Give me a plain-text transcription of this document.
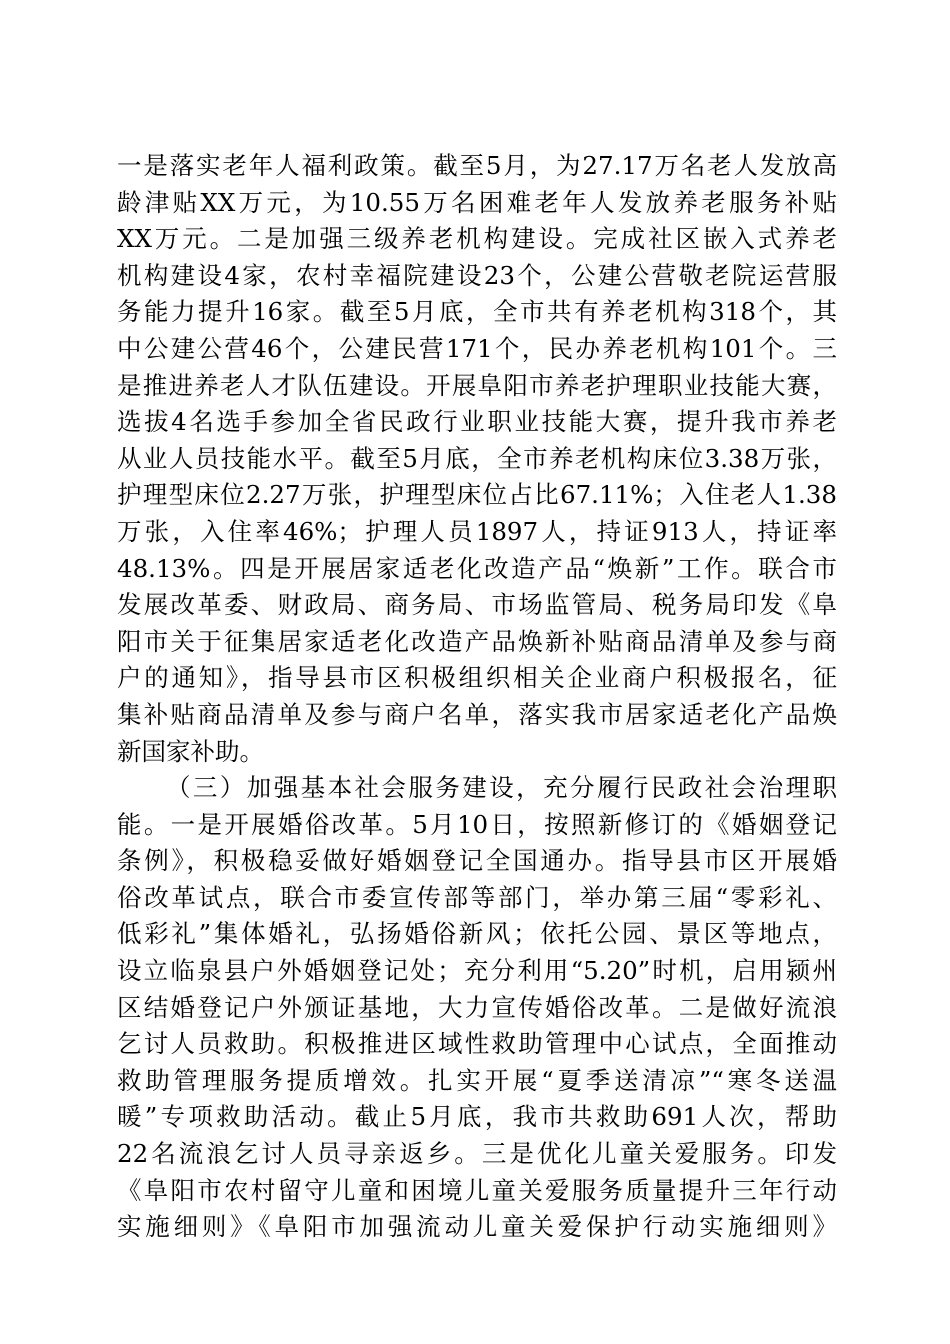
一是落实老年人福利政策。截至5月，为27.17万名老人发放高
龄津贴XX万元，为10.55万名困难老年人发放养老服务补贴
XX万元。二是加强三级养老机构建设。完成社区嵌入式养老
机构建设4家，农村幸福院建设23个，公建公营敬老院运营服
务能力提升16家。截至5月底，全市共有养老机构318个，其
中公建公营46个，公建民营171个，民办养老机构101个。三
是推进养老人才队伍建设。开展阜阳市养老护理职业技能大赛，
选拔4名选手参加全省民政行业职业技能大赛，提升我市养老
从业人员技能水平。截至5月底，全市养老机构床位3.38万张，
护理型床位2.27万张，护理型床位占比67.11%；入住老人1.38
万张，入住率46%；护理人员1897人，持证913人，持证率
48.13%。四是开展居家适老化改造产品“焕新”工作。联合市
发展改革委、财政局、商务局、市场监管局、税务局印发《阜
阳市关于征集居家适老化改造产品焕新补贴商品清单及参与商
户的通知》，指导县市区积极组织相关企业商户积极报名，征
集补贴商品清单及参与商户名单，落实我市居家适老化产品焕
新国家补助。
（三）加强基本社会服务建设，充分履行民政社会治理职
能。一是开展婚俗改革。5月10日，按照新修订的《婚姻登记
条例》，积极稳妥做好婚姻登记全国通办。指导县市区开展婚
俗改革试点，联合市委宣传部等部门，举办第三届“零彩礼、
低彩礼”集体婚礼，弘扬婚俗新风；依托公园、景区等地点，
设立临泉县户外婚姻登记处；充分利用“5.20”时机，启用颍州
区结婚登记户外颁证基地，大力宣传婚俗改革。二是做好流浪
乞讨人员救助。积极推进区域性救助管理中心试点，全面推动
救助管理服务提质增效。扎实开展“夏季送清凉”“寒冬送温
暖”专项救助活动。截止5月底，我市共救助691人次，帮助
22名流浪乞讨人员寻亲返乡。三是优化儿童关爱服务。印发
《阜阳市农村留守儿童和困境儿童关爱服务质量提升三年行动
实施细则》《阜阳市加强流动儿童关爱保护行动实施细则》
